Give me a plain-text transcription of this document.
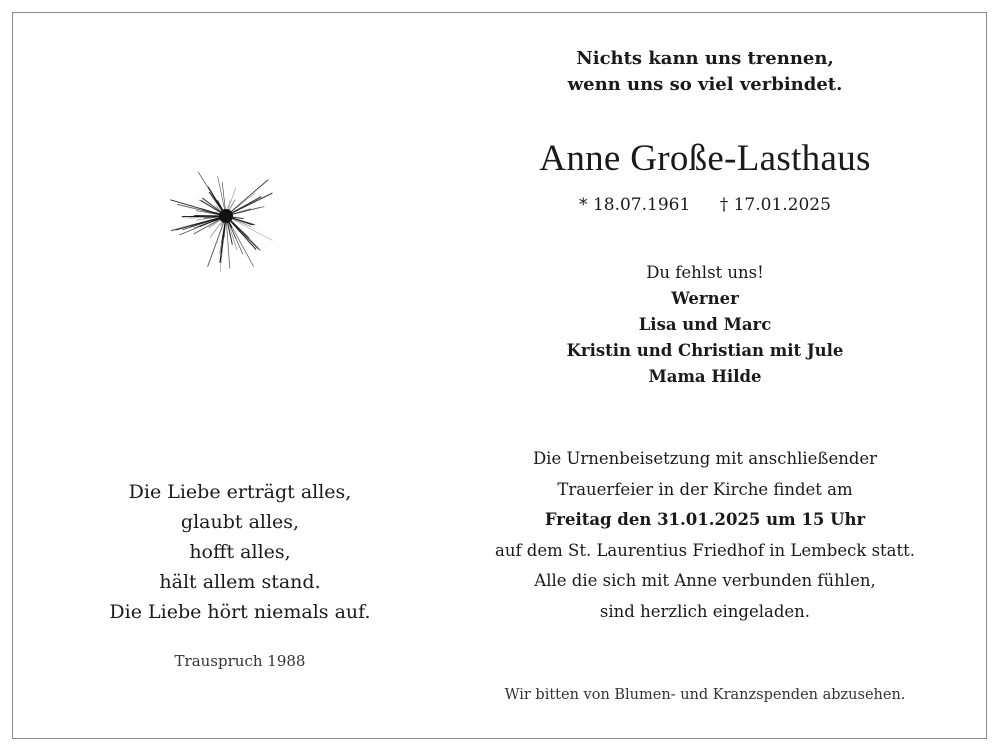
Die Liebe erträgt alles,
glaubt alles,
hofft alles,
hält allem stand.
Die Liebe hört niemals auf.
Trauspruch 1988
Nichts kann uns trennen,
wenn uns so viel verbindet.
Anne Große-Lasthaus
* 18.07.1961 † 17.01.2025
Du fehlst uns!
Werner
Lisa und Marc
Kristin und Christian mit Jule
Mama Hilde
Die Urnenbeisetzung mit anschließender
Trauerfeier in der Kirche findet am
Freitag den 31.01.2025 um 15 Uhr
auf dem St. Laurentius Friedhof in Lembeck statt.
Alle die sich mit Anne verbunden fühlen,
sind herzlich eingeladen.
Wir bitten von Blumen- und Kranzspenden abzusehen.
